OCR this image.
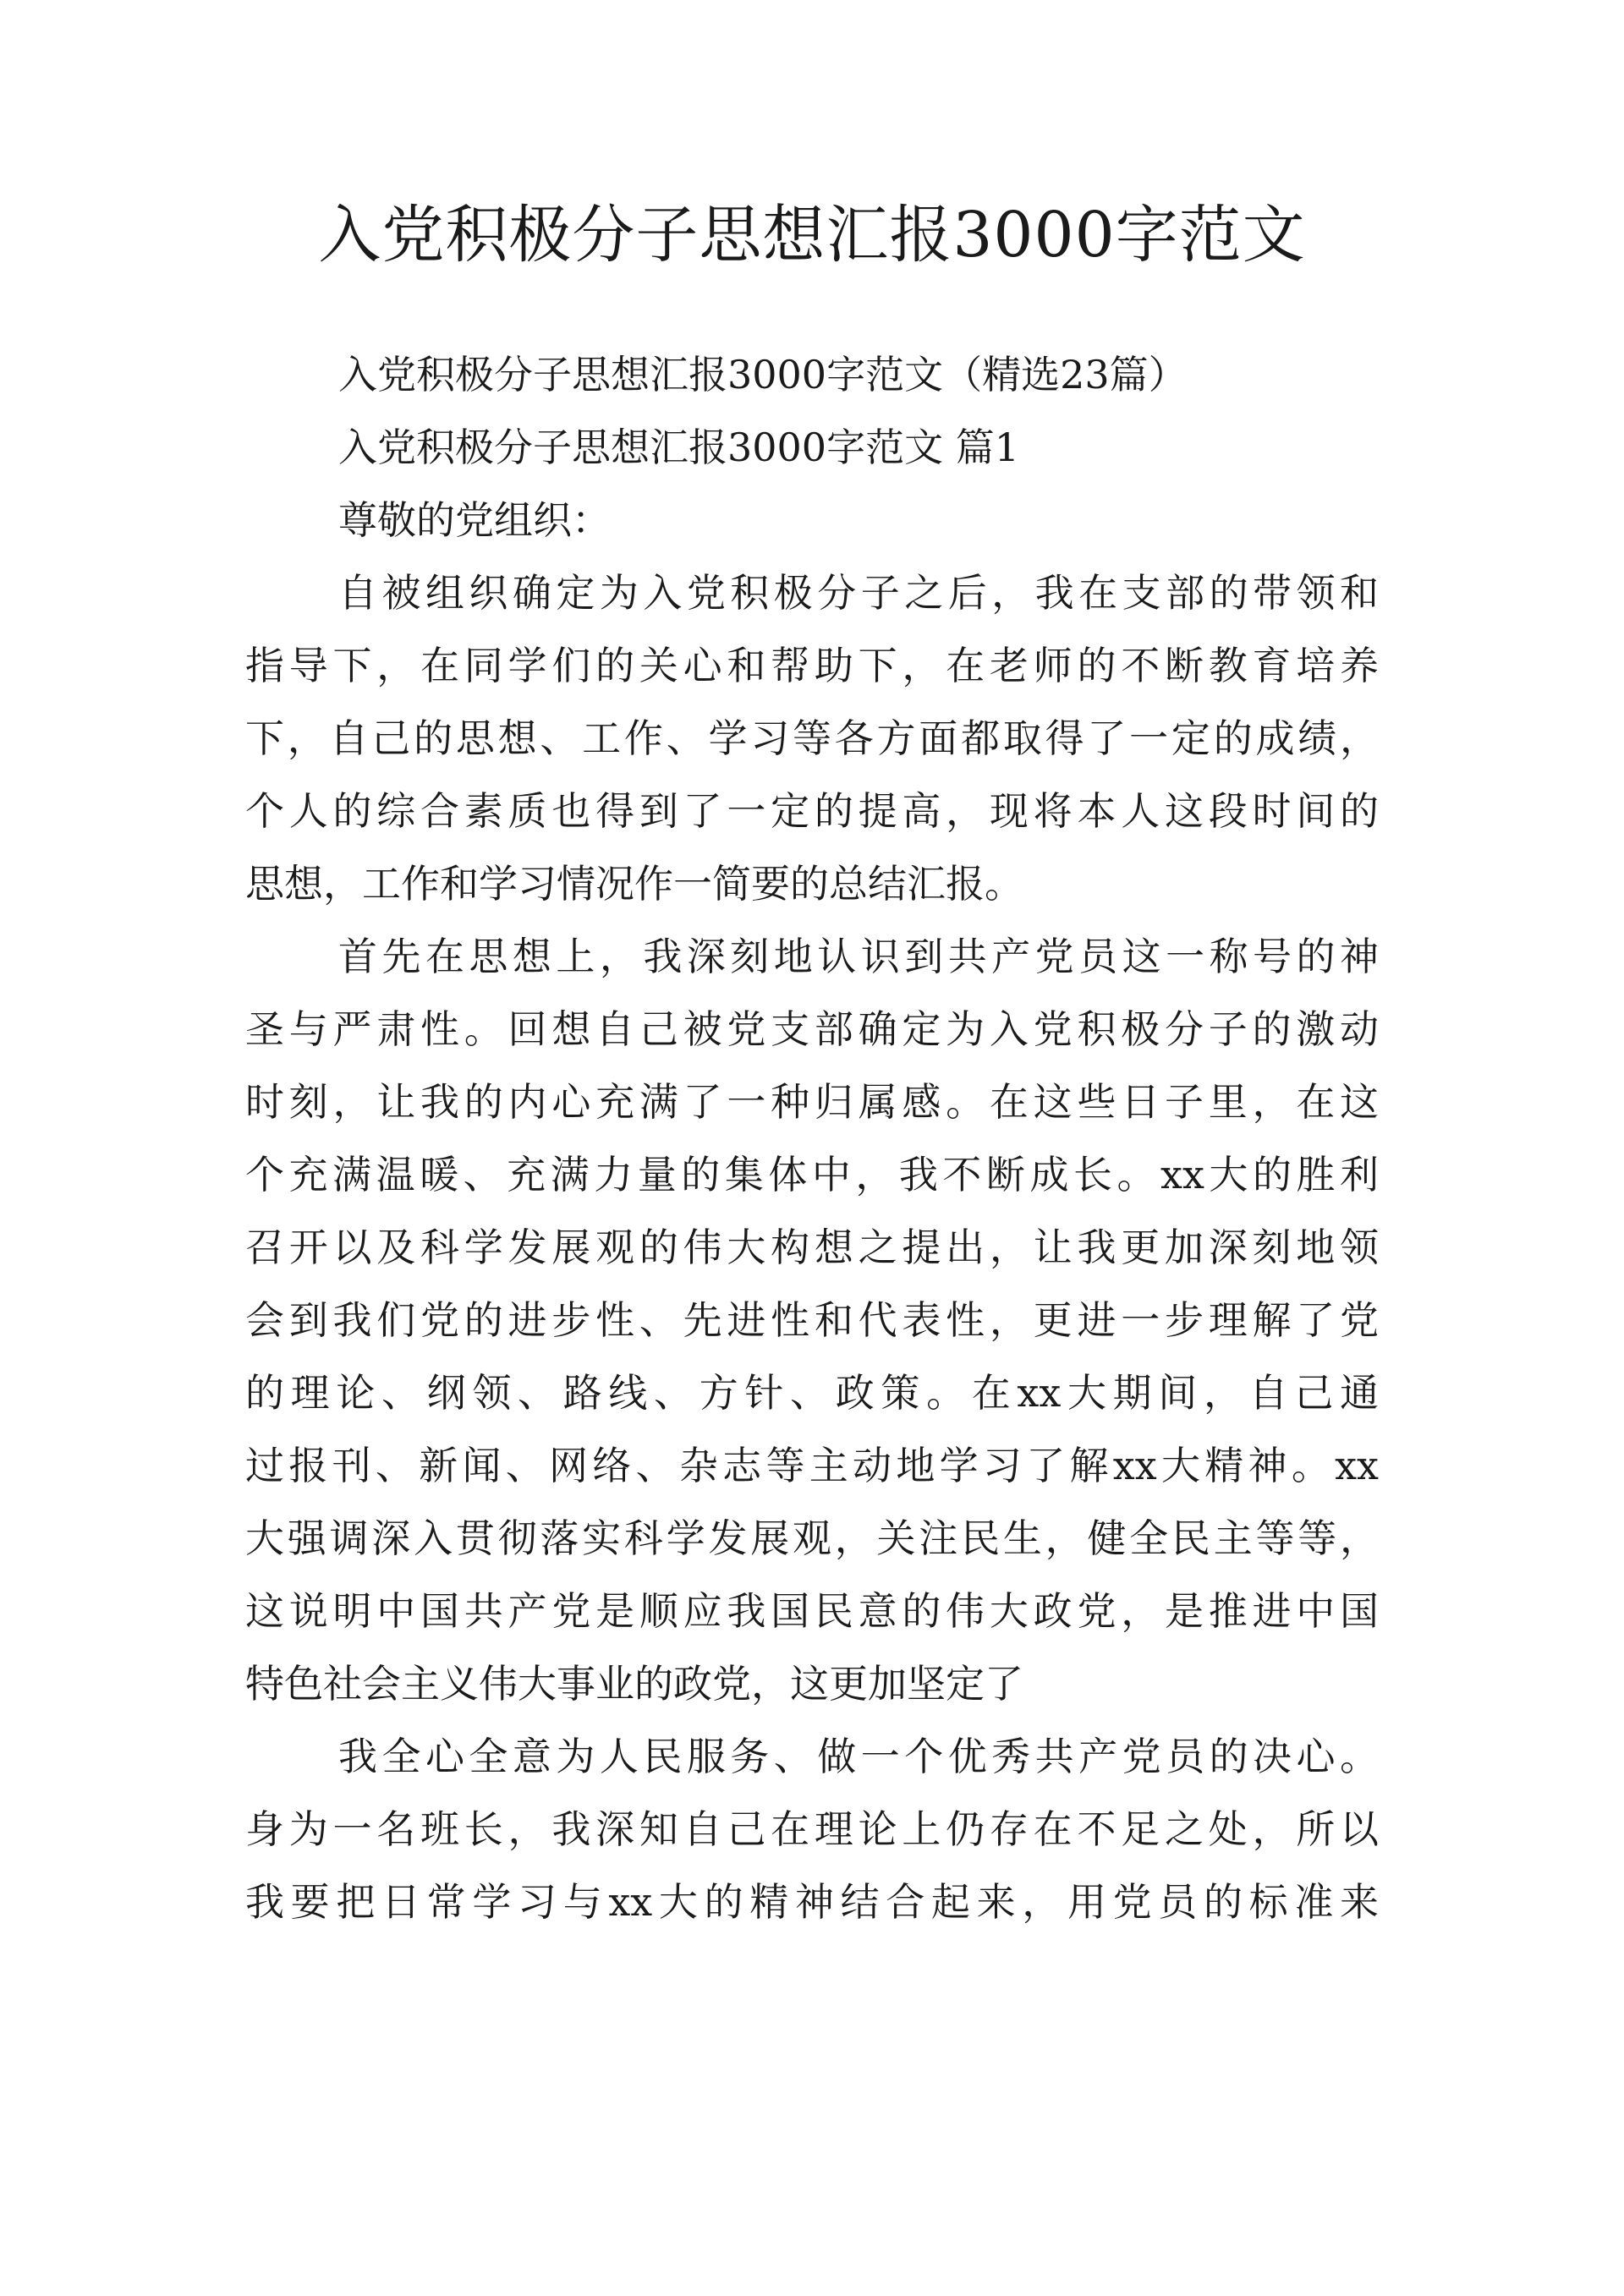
入党积极分子思想汇报3000字范文
入党积极分子思想汇报3000字范文（精选23篇）
入党积极分子思想汇报3000字范文 篇1
尊敬的党组织：
自被组织确定为入党积极分子之后，我在支部的带领和
指导下，在同学们的关心和帮助下，在老师的不断教育培养
下，自己的思想、工作、学习等各方面都取得了一定的成绩，
个人的综合素质也得到了一定的提高，现将本人这段时间的
思想，工作和学习情况作一简要的总结汇报。
首先在思想上，我深刻地认识到共产党员这一称号的神
圣与严肃性。回想自己被党支部确定为入党积极分子的激动
时刻，让我的内心充满了一种归属感。在这些日子里，在这
个充满温暖、充满力量的集体中，我不断成长。xx大的胜利
召开以及科学发展观的伟大构想之提出，让我更加深刻地领
会到我们党的进步性、先进性和代表性，更进一步理解了党
的理论、纲领、路线、方针、政策。在xx大期间，自己通
过报刊、新闻、网络、杂志等主动地学习了解xx大精神。xx
大强调深入贯彻落实科学发展观，关注民生，健全民主等等，
这说明中国共产党是顺应我国民意的伟大政党，是推进中国
特色社会主义伟大事业的政党，这更加坚定了
我全心全意为人民服务、做一个优秀共产党员的决心。
身为一名班长，我深知自己在理论上仍存在不足之处，所以
我要把日常学习与xx大的精神结合起来，用党员的标准来
